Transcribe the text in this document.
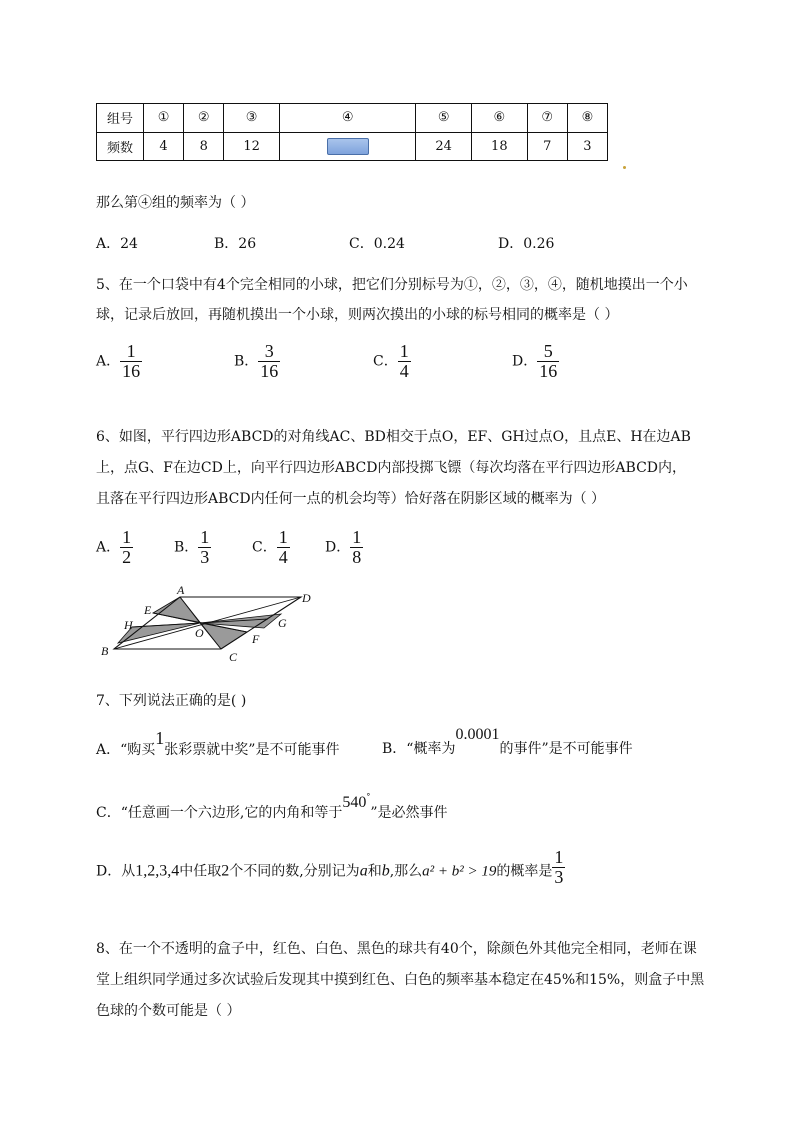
组号	①	②	③	④	⑤	⑥	⑦	⑧
频数	4	8	12		24	18	7	3
那么第④组的频率为（ ）
A．24	B．26	C．0.24	D．0.26
5、在一个口袋中有4个完全相同的小球，把它们分别标号为①，②，③，④，随机地摸出一个小
球，记录后放回，再随机摸出一个小球，则两次摸出的小球的标号相同的概率是（ ）
A． $\frac{1}{16}$	B． $\frac{3}{16}$	C． $\frac{1}{4}$	D． $\frac{5}{16}$
6、如图，平行四边形ABCD的对角线AC、BD相交于点O，EF、GH过点O，且点E、H在边AB
上，点G、F在边CD上，向平行四边形ABCD内部投掷飞镖（每次均落在平行四边形ABCD内，
且落在平行四边形ABCD内任何一点的机会均等）恰好落在阴影区域的概率为（ ）
A． $\frac{1}{2}$	B． $\frac{1}{3}$	C． $\frac{1}{4}$	D． $\frac{1}{8}$
A
B	C
D
E
F
G
H
O
7、下列说法正确的是( )
A．“购买1张彩票就中奖”是不可能事件	B．“概率为0.0001的事件”是不可能事件
C．“任意画一个六边形,它的内角和等于540°”是必然事件
D．从1,2,3,4中任取2个不同的数,分别记为a和b,那么a² + b² > 19的概率是 $\frac{1}{3}$
8、在一个不透明的盒子中，红色、白色、黑色的球共有40个，除颜色外其他完全相同，老师在课
堂上组织同学通过多次试验后发现其中摸到红色、白色的频率基本稳定在45%和15%，则盒子中黑
色球的个数可能是（ ）
